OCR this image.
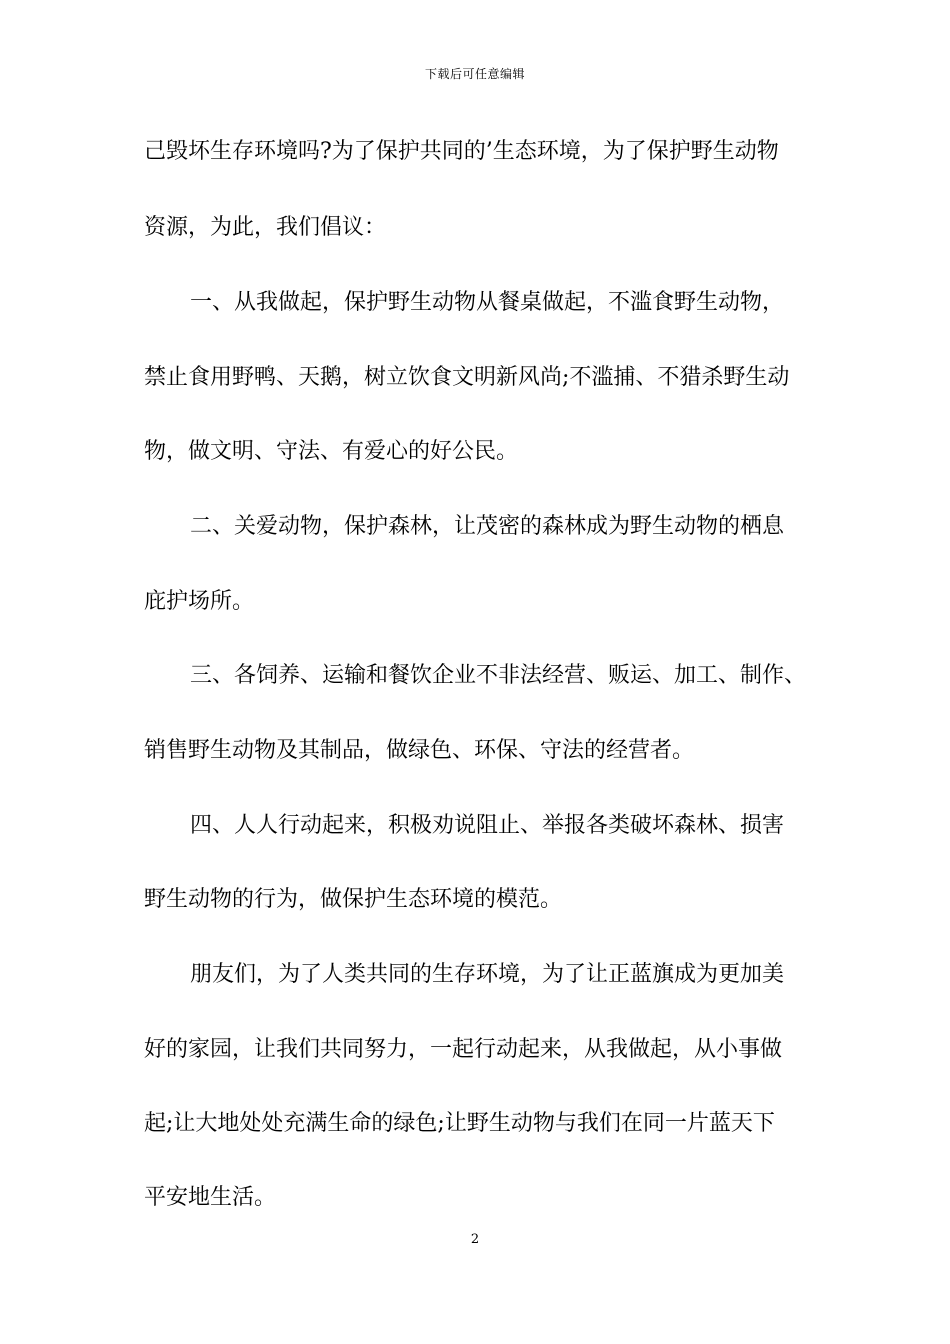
下载后可任意编辑
己毁坏生存环境吗?为了保护共同的’生态环境，为了保护野生动物
资源，为此，我们倡议：
一、从我做起，保护野生动物从餐桌做起，不滥食野生动物，
禁止食用野鸭、天鹅，树立饮食文明新风尚;不滥捕、不猎杀野生动
物，做文明、守法、有爱心的好公民。
二、关爱动物，保护森林，让茂密的森林成为野生动物的栖息
庇护场所。
三、各饲养、运输和餐饮企业不非法经营、贩运、加工、制作、
销售野生动物及其制品，做绿色、环保、守法的经营者。
四、人人行动起来，积极劝说阻止、举报各类破坏森林、损害
野生动物的行为，做保护生态环境的模范。
朋友们，为了人类共同的生存环境，为了让正蓝旗成为更加美
好的家园，让我们共同努力，一起行动起来，从我做起，从小事做
起;让大地处处充满生命的绿色;让野生动物与我们在同一片蓝天下
平安地生活。
2
